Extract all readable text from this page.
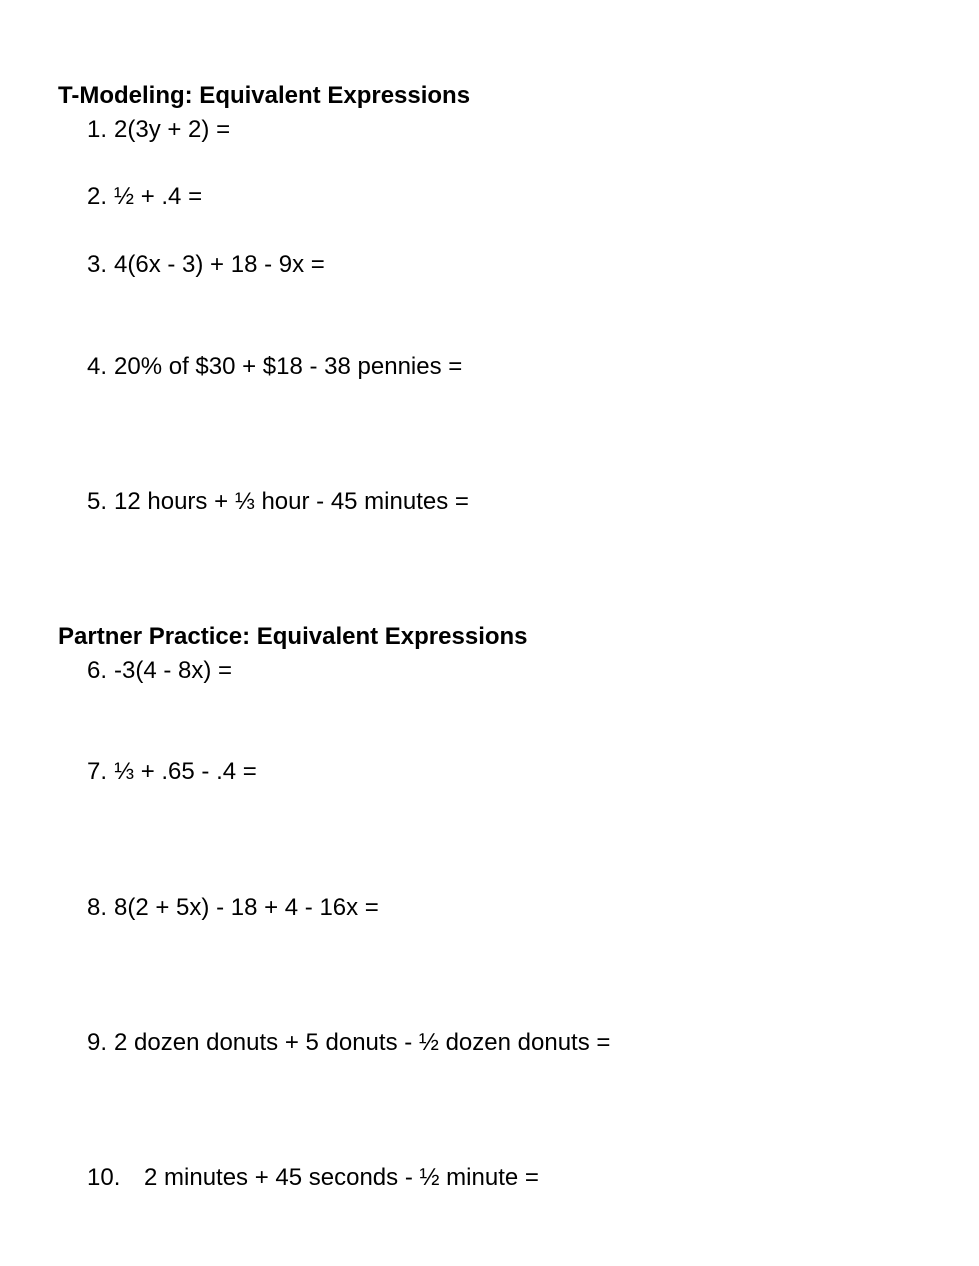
T-Modeling: Equivalent Expressions

1. 2(3y + 2) =

2. ½ + .4 =

3. 4(6x - 3) + 18 - 9x =

4. 20% of $30 + $18 - 38 pennies =

5. 12 hours + ⅓ hour - 45 minutes =

Partner Practice: Equivalent Expressions

6. -3(4 - 8x) =

7. ⅓ + .65 - .4 =

8. 8(2 + 5x) - 18 + 4 - 16x =

9. 2 dozen donuts + 5 donuts - ½ dozen donuts =

10. 2 minutes + 45 seconds - ½ minute =
